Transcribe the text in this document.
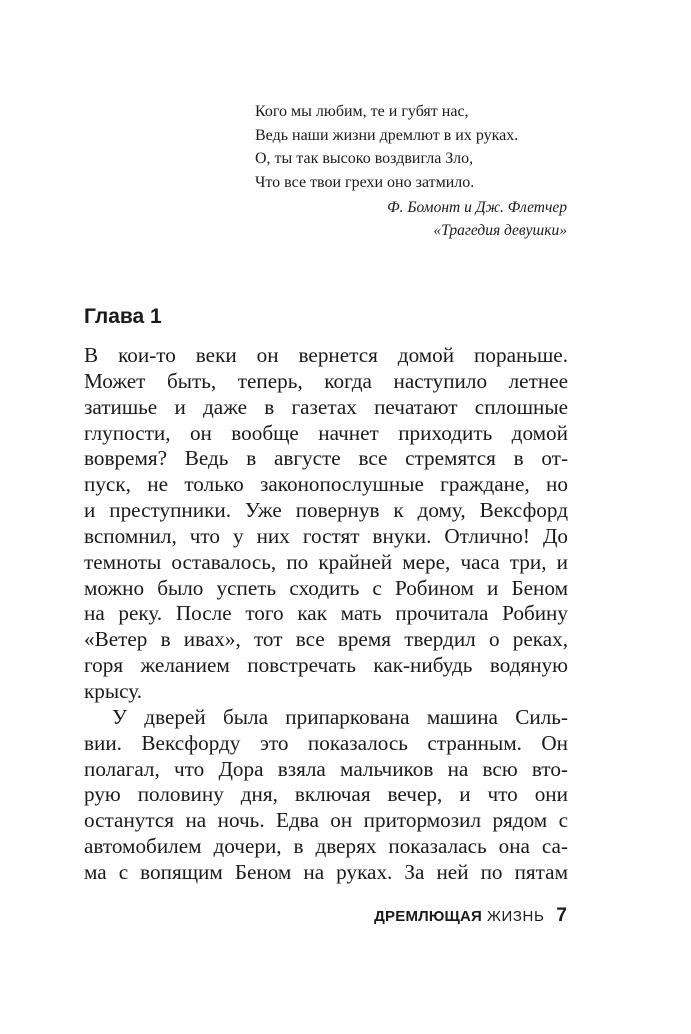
Кого мы любим, те и губят нас,
Ведь наши жизни дремлют в их руках.
О, ты так высоко воздвигла Зло,
Что все твои грехи оно затмило.
Ф. Бомонт и Дж. Флетчер
«Трагедия девушки»
Глава 1
В кои-то веки он вернется домой пораньше.
Может быть, теперь, когда наступило летнее
затишье и даже в газетах печатают сплошные
глупости, он вообще начнет приходить домой
вовремя? Ведь в августе все стремятся в от-
пуск, не только законопослушные граждане, но
и преступники. Уже повернув к дому, Вексфорд
вспомнил, что у них гостят внуки. Отлично! До
темноты оставалось, по крайней мере, часа три, и
можно было успеть сходить с Робином и Беном
на реку. После того как мать прочитала Робину
«Ветер в ивах», тот все время твердил о реках,
горя желанием повстречать как-нибудь водяную
крысу.
У дверей была припаркована машина Силь-
вии. Вексфорду это показалось странным. Он
полагал, что Дора взяла мальчиков на всю вто-
рую половину дня, включая вечер, и что они
останутся на ночь. Едва он притормозил рядом с
автомобилем дочери, в дверях показалась она са-
ма с вопящим Беном на руках. За ней по пятам
ДРЕМЛЮЩАЯ ЖИЗНЬ 7
